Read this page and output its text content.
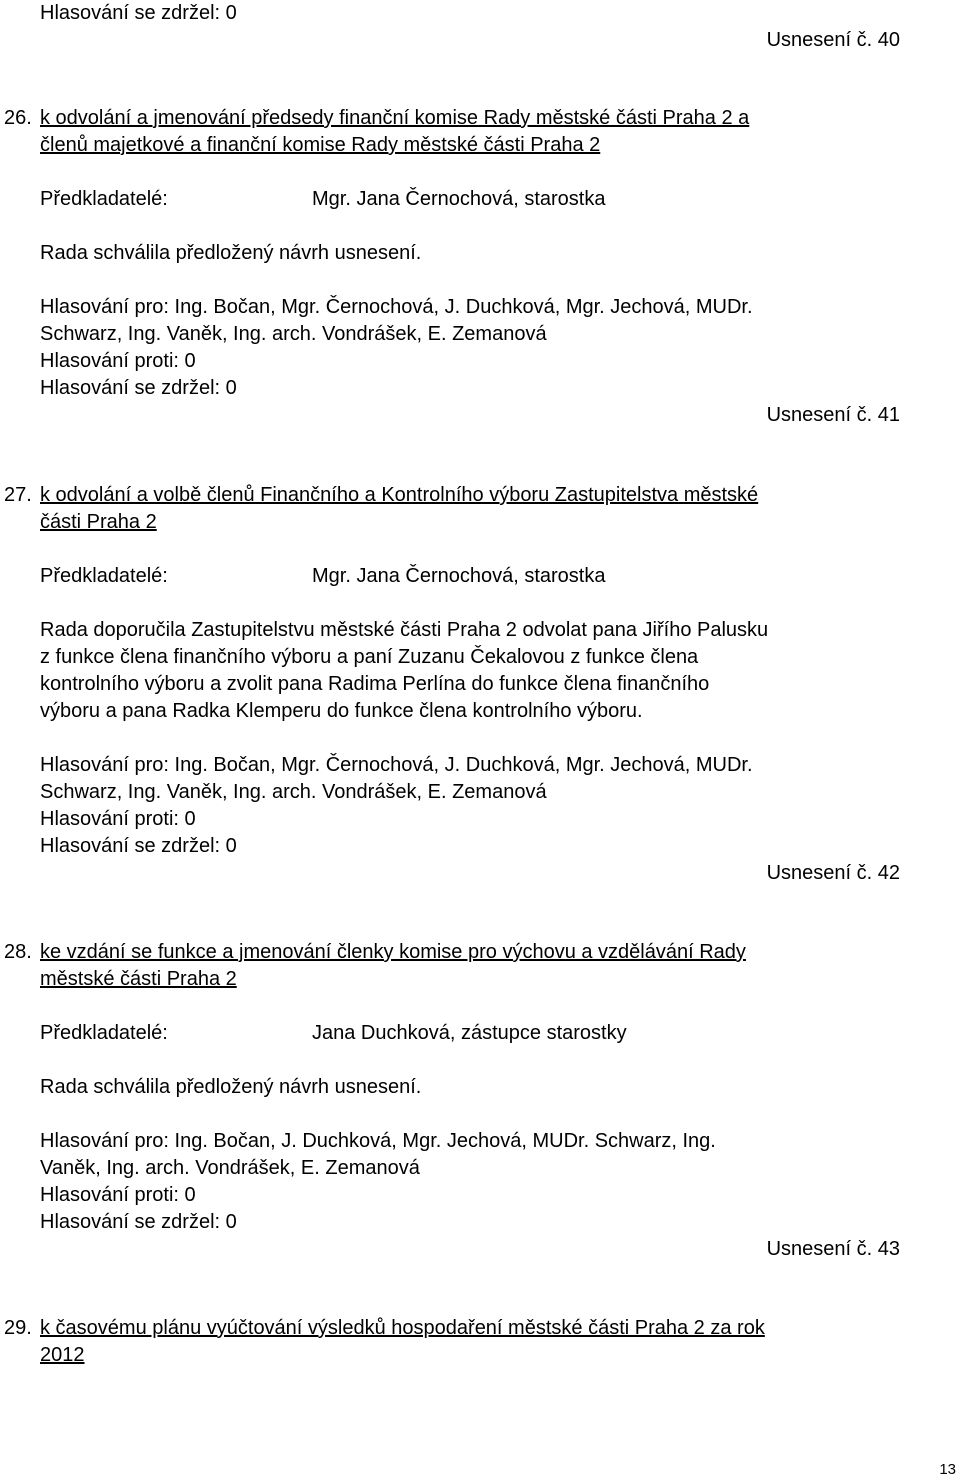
Hlasování se zdržel: 0

Usnesení č. 40

26. k odvolání a jmenování předsedy finanční komise Rady městské části Praha 2 a

členů majetkové a finanční komise Rady městské části Praha 2

Předkladatelé:	Mgr. Jana Černochová, starostka

Rada schválila předložený návrh usnesení.

Hlasování pro: Ing. Bočan, Mgr. Černochová, J. Duchková, Mgr. Jechová, MUDr.

Schwarz, Ing. Vaněk, Ing. arch. Vondrášek, E. Zemanová

Hlasování proti: 0

Hlasování se zdržel: 0

Usnesení č. 41

27. k odvolání a volbě členů Finančního a Kontrolního výboru Zastupitelstva městské

části Praha 2

Předkladatelé:	Mgr. Jana Černochová, starostka

Rada doporučila Zastupitelstvu městské části Praha 2 odvolat pana Jiřího Palusku

z funkce člena finančního výboru a paní Zuzanu Čekalovou z funkce člena

kontrolního výboru a zvolit pana Radima Perlína do funkce člena finančního

výboru a pana Radka Klemperu do funkce člena kontrolního výboru.

Hlasování pro: Ing. Bočan, Mgr. Černochová, J. Duchková, Mgr. Jechová, MUDr.

Schwarz, Ing. Vaněk, Ing. arch. Vondrášek, E. Zemanová

Hlasování proti: 0

Hlasování se zdržel: 0

Usnesení č. 42

28. ke vzdání se funkce a jmenování členky komise pro výchovu a vzdělávání Rady

městské části Praha 2

Předkladatelé:	Jana Duchková, zástupce starostky

Rada schválila předložený návrh usnesení.

Hlasování pro: Ing. Bočan, J. Duchková, Mgr. Jechová, MUDr. Schwarz, Ing.

Vaněk, Ing. arch. Vondrášek, E. Zemanová

Hlasování proti: 0

Hlasování se zdržel: 0

Usnesení č. 43

29. k časovému plánu vyúčtování výsledků hospodaření městské části Praha 2 za rok

2012

13
